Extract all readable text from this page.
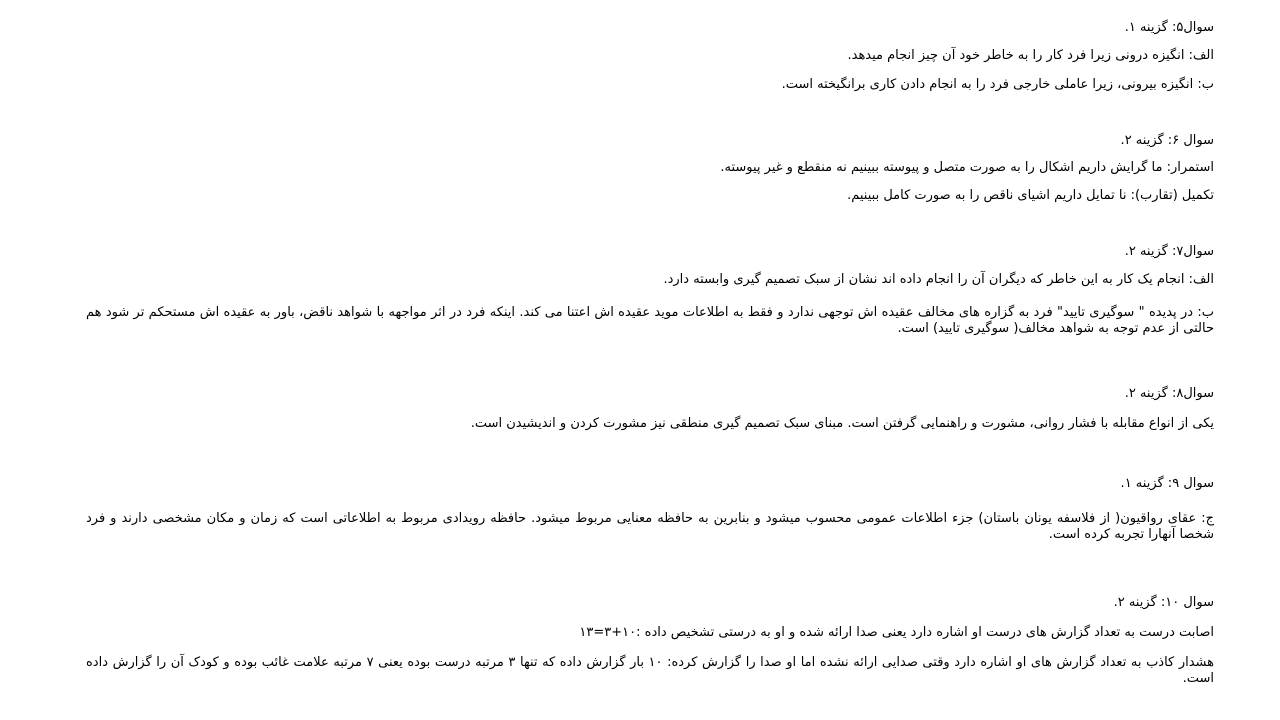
سوال۵: گزینه ۱.

الف: انگیزه درونی زیرا فرد کار را به خاطر خود آن چیز انجام میدهد.

ب: انگیزه بیرونی، زیرا عاملی خارجی فرد را به انجام دادن کاری برانگیخته است.

سوال ۶: گزینه ۲.

استمرار: ما گرایش داریم اشکال را به صورت متصل و پیوسته ببینیم نه منقطع و غیر پیوسته.

تکمیل (تقارب): نا تمایل داریم اشیای ناقص را به صورت کامل ببینیم.

سوال۷: گزینه ۲.

الف: انجام یک کار به این خاطر که دیگران آن را انجام داده اند نشان از سبک تصمیم گیری وابسته دارد.

ب: در پدیده " سوگیری تایید" فرد به گزاره های مخالف عقیده اش توجهی ندارد و فقط به اطلاعات موید عقیده اش اعتنا می کند. اینکه فرد در اثر مواجهه با شواهد ناقض، باور به عقیده اش مستحکم تر شود هم حالتی از عدم توجه به شواهد مخالف( سوگیری تایید) است.

سوال۸: گزینه ۲.

یکی از انواع مقابله با فشار روانی، مشورت و راهنمایی گرفتن است. مبنای سبک تصمیم گیری منطقی نیز مشورت کردن و اندیشیدن است.

سوال ۹: گزینه ۱.

ج: عقای رواقیون( از فلاسفه یونان باستان) جزء اطلاعات عمومی محسوب میشود و بنابرین به حافظه معنایی مربوط میشود. حافظه رویدادی مربوط به اطلاعاتی است که زمان و مکان مشخصی دارند و فرد شخصا آنهارا تجربه کرده است.

سوال ۱۰: گزینه ۲.

اصابت درست به تعداد گزارش های درست او اشاره دارد یعنی صدا ارائه شده و او به درستی تشخیص داده :۱۰+۳=۱۳

هشدار کاذب به تعداد گزارش های او اشاره دارد وقتی صدایی ارائه نشده اما او صدا را گزارش کرده: ۱۰ بار گزارش داده که تنها ۳ مرتبه درست بوده یعنی ۷ مرتبه علامت غائب بوده و کودک آن را گزارش داده است.
